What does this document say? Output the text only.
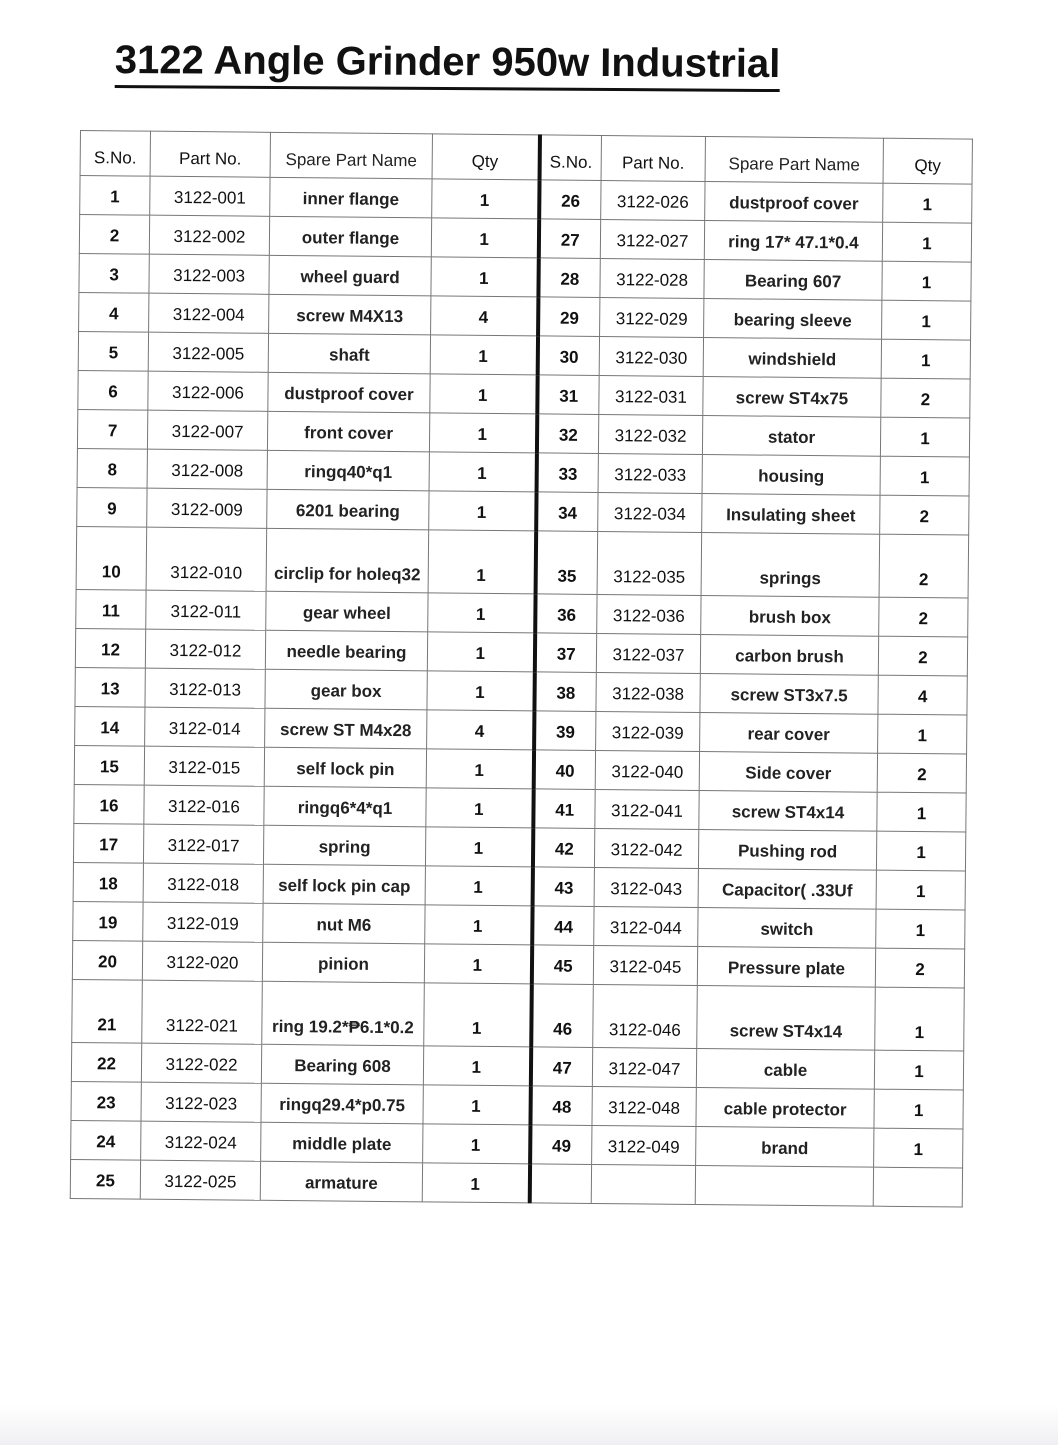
3122 Angle Grinder 950w Industrial
S.No.	Part No.	Spare Part Name	Qty	S.No.	Part No.	Spare Part Name	Qty
1	3122-001	inner flange	1	26	3122-026	dustproof cover	1
2	3122-002	outer flange	1	27	3122-027	ring 17* 47.1*0.4	1
3	3122-003	wheel guard	1	28	3122-028	Bearing 607	1
4	3122-004	screw M4X13	4	29	3122-029	bearing sleeve	1
5	3122-005	shaft	1	30	3122-030	windshield	1
6	3122-006	dustproof cover	1	31	3122-031	screw ST4x75	2
7	3122-007	front cover	1	32	3122-032	stator	1
8	3122-008	ringq40*q1	1	33	3122-033	housing	1
9	3122-009	6201 bearing	1	34	3122-034	Insulating sheet	2
10	3122-010	circlip for holeq32	1	35	3122-035	springs	2
11	3122-011	gear wheel	1	36	3122-036	brush box	2
12	3122-012	needle bearing	1	37	3122-037	carbon brush	2
13	3122-013	gear box	1	38	3122-038	screw ST3x7.5	4
14	3122-014	screw ST M4x28	4	39	3122-039	rear cover	1
15	3122-015	self lock pin	1	40	3122-040	Side cover	2
16	3122-016	ringq6*4*q1	1	41	3122-041	screw ST4x14	1
17	3122-017	spring	1	42	3122-042	Pushing rod	1
18	3122-018	self lock pin cap	1	43	3122-043	Capacitor( .33Uf	1
19	3122-019	nut M6	1	44	3122-044	switch	1
20	3122-020	pinion	1	45	3122-045	Pressure plate	2
21	3122-021	ring 19.2*₱6.1*0.2	1	46	3122-046	screw ST4x14	1
22	3122-022	Bearing 608	1	47	3122-047	cable	1
23	3122-023	ringq29.4*p0.75	1	48	3122-048	cable protector	1
24	3122-024	middle plate	1	49	3122-049	brand	1
25	3122-025	armature	1				
